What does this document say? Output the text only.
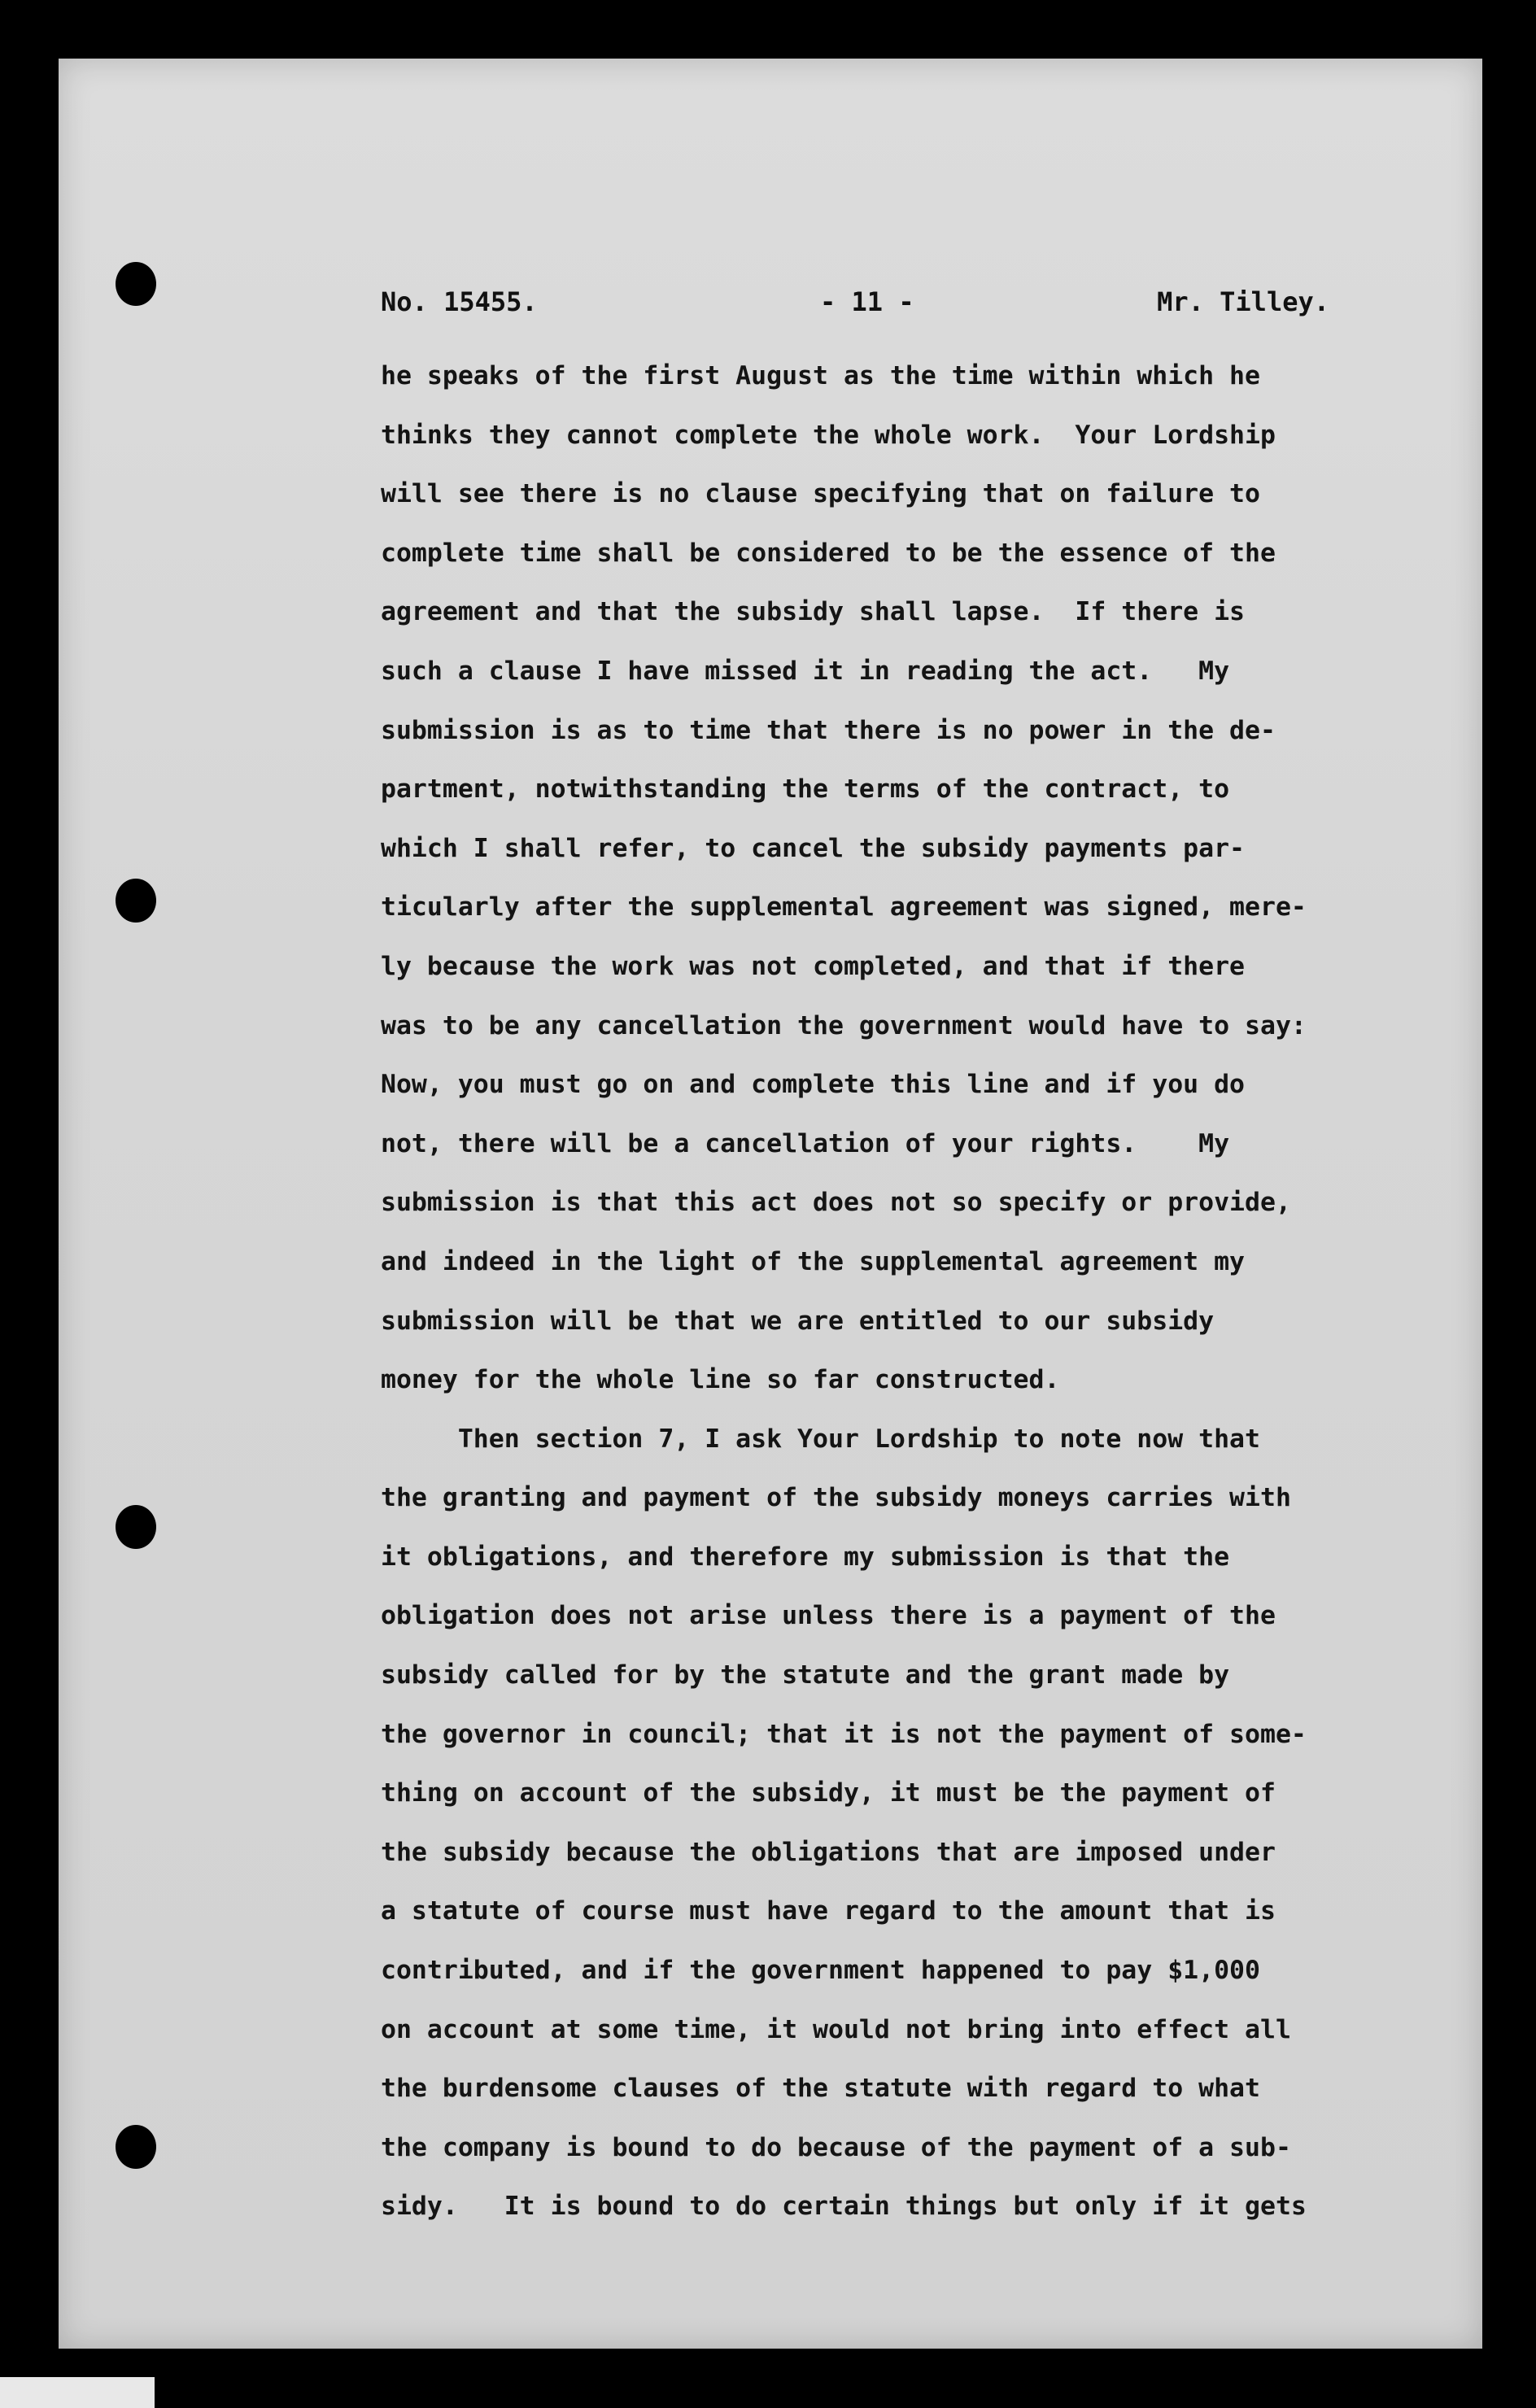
No. 15455.	- 11 -	Mr. Tilley.
he speaks of the first August as the time within which he
thinks they cannot complete the whole work.  Your Lordship
will see there is no clause specifying that on failure to
complete time shall be considered to be the essence of the
agreement and that the subsidy shall lapse.  If there is
such a clause I have missed it in reading the act.   My
submission is as to time that there is no power in the de-
partment, notwithstanding the terms of the contract, to
which I shall refer, to cancel the subsidy payments par-
ticularly after the supplemental agreement was signed, mere-
ly because the work was not completed, and that if there
was to be any cancellation the government would have to say:
Now, you must go on and complete this line and if you do
not, there will be a cancellation of your rights.    My
submission is that this act does not so specify or provide,
and indeed in the light of the supplemental agreement my
submission will be that we are entitled to our subsidy
money for the whole line so far constructed.
Then section 7, I ask Your Lordship to note now that
the granting and payment of the subsidy moneys carries with
it obligations, and therefore my submission is that the
obligation does not arise unless there is a payment of the
subsidy called for by the statute and the grant made by
the governor in council; that it is not the payment of some-
thing on account of the subsidy, it must be the payment of
the subsidy because the obligations that are imposed under
a statute of course must have regard to the amount that is
contributed, and if the government happened to pay $1,000
on account at some time, it would not bring into effect all
the burdensome clauses of the statute with regard to what
the company is bound to do because of the payment of a sub-
sidy.   It is bound to do certain things but only if it gets
